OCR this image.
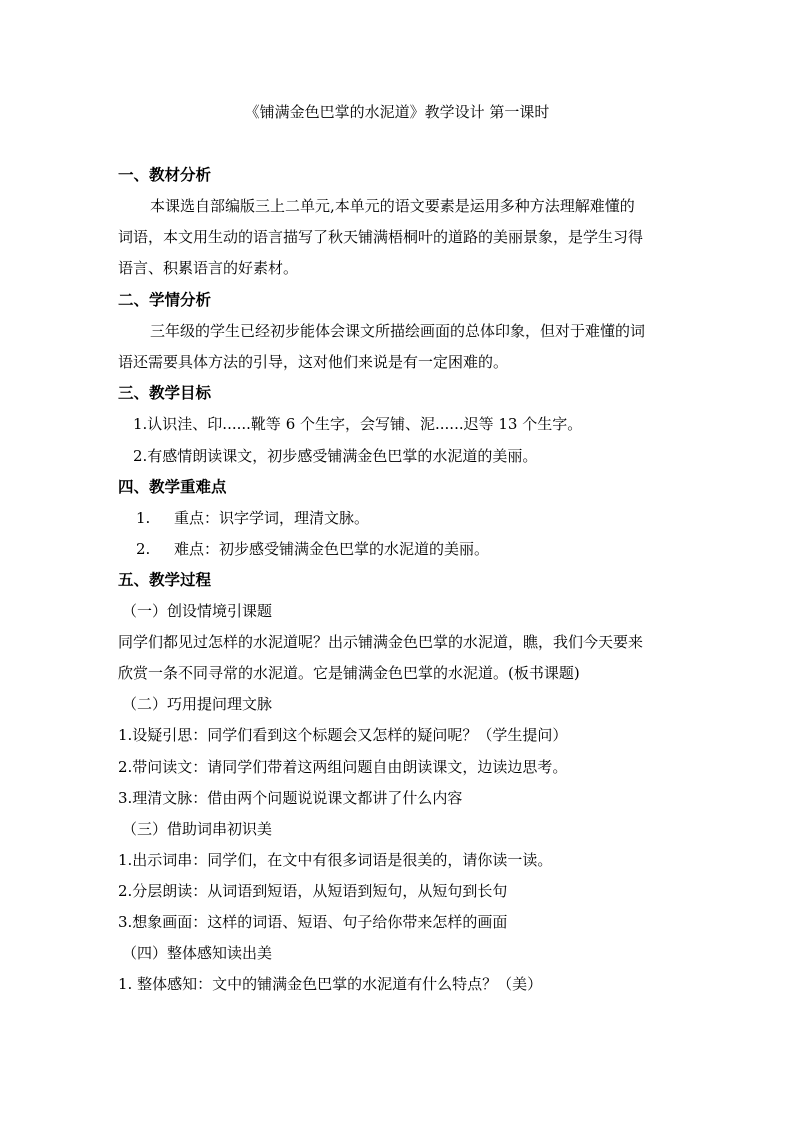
《铺满金色巴掌的水泥道》教学设计 第一课时
一、教材分析
本课选自部编版三上二单元,本单元的语文要素是运用多种方法理解难懂的
词语，本文用生动的语言描写了秋天铺满梧桐叶的道路的美丽景象，是学生习得
语言、积累语言的好素材。
二、学情分析
三年级的学生已经初步能体会课文所描绘画面的总体印象，但对于难懂的词
语还需要具体方法的引导，这对他们来说是有一定困难的。
三、教学目标
1.认识洼、印......靴等 6 个生字，会写铺、泥......迟等 13 个生字。
2.有感情朗读课文，初步感受铺满金色巴掌的水泥道的美丽。
四、教学重难点
1. 重点：识字学词，理清文脉。
2. 难点：初步感受铺满金色巴掌的水泥道的美丽。
五、教学过程
（一）创设情境引课题
同学们都见过怎样的水泥道呢？出示铺满金色巴掌的水泥道，瞧，我们今天要来
欣赏一条不同寻常的水泥道。它是铺满金色巴掌的水泥道。(板书课题)
（二）巧用提问理文脉
1.设疑引思：同学们看到这个标题会又怎样的疑问呢？（学生提问）
2.带问读文：请同学们带着这两组问题自由朗读课文，边读边思考。
3.理清文脉：借由两个问题说说课文都讲了什么内容
（三）借助词串初识美
1.出示词串：同学们，在文中有很多词语是很美的，请你读一读。
2.分层朗读：从词语到短语，从短语到短句，从短句到长句
3.想象画面：这样的词语、短语、句子给你带来怎样的画面
（四）整体感知读出美
1. 整体感知：文中的铺满金色巴掌的水泥道有什么特点？（美）
